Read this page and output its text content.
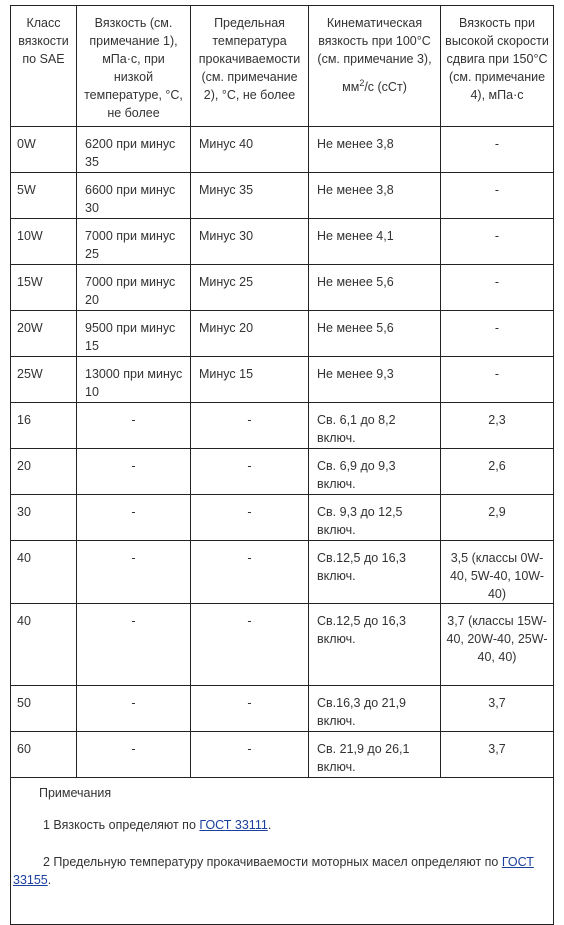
Класс вязкости по SAE	Вязкость (см. примечание 1), мПа·с, при низкой температуре, °С, не более	Предельная температура прокачиваемости (см. примечание 2), °С, не более	Кинематическая вязкость при 100°С (см. примечание 3),
$мм^2/с$ (сСт)	Вязкость при высокой скорости сдвига при 150°С (см. примечание 4), мПа·с
0W	6200 при минус 35	Минус 40	Не менее 3,8	-
5W	6600 при минус 30	Минус 35	Не менее 3,8	-
10W	7000 при минус 25	Минус 30	Не менее 4,1	-
15W	7000 при минус 20	Минус 25	Не менее 5,6	-
20W	9500 при минус 15	Минус 20	Не менее 5,6	-
25W	13000 при минус 10	Минус 15	Не менее 9,3	-
16	-	-	Св. 6,1 до 8,2 включ.	2,3
20	-	-	Св. 6,9 до 9,3 включ.	2,6
30	-	-	Св. 9,3 до 12,5 включ.	2,9
40	-	-	Св.12,5 до 16,3 включ.	3,5 (классы 0W-40, 5W-40, 10W-40)
40	-	-	Св.12,5 до 16,3 включ.	3,7 (классы 15W-40, 20W-40, 25W-40, 40)
50	-	-	Св.16,3 до 21,9 включ.	3,7
60	-	-	Св. 21,9 до 26,1 включ.	3,7

Примечания
1 Вязкость определяют по ГОСТ 33111.
2 Предельную температуру прокачиваемости моторных масел определяют по ГОСТ 33155.				
